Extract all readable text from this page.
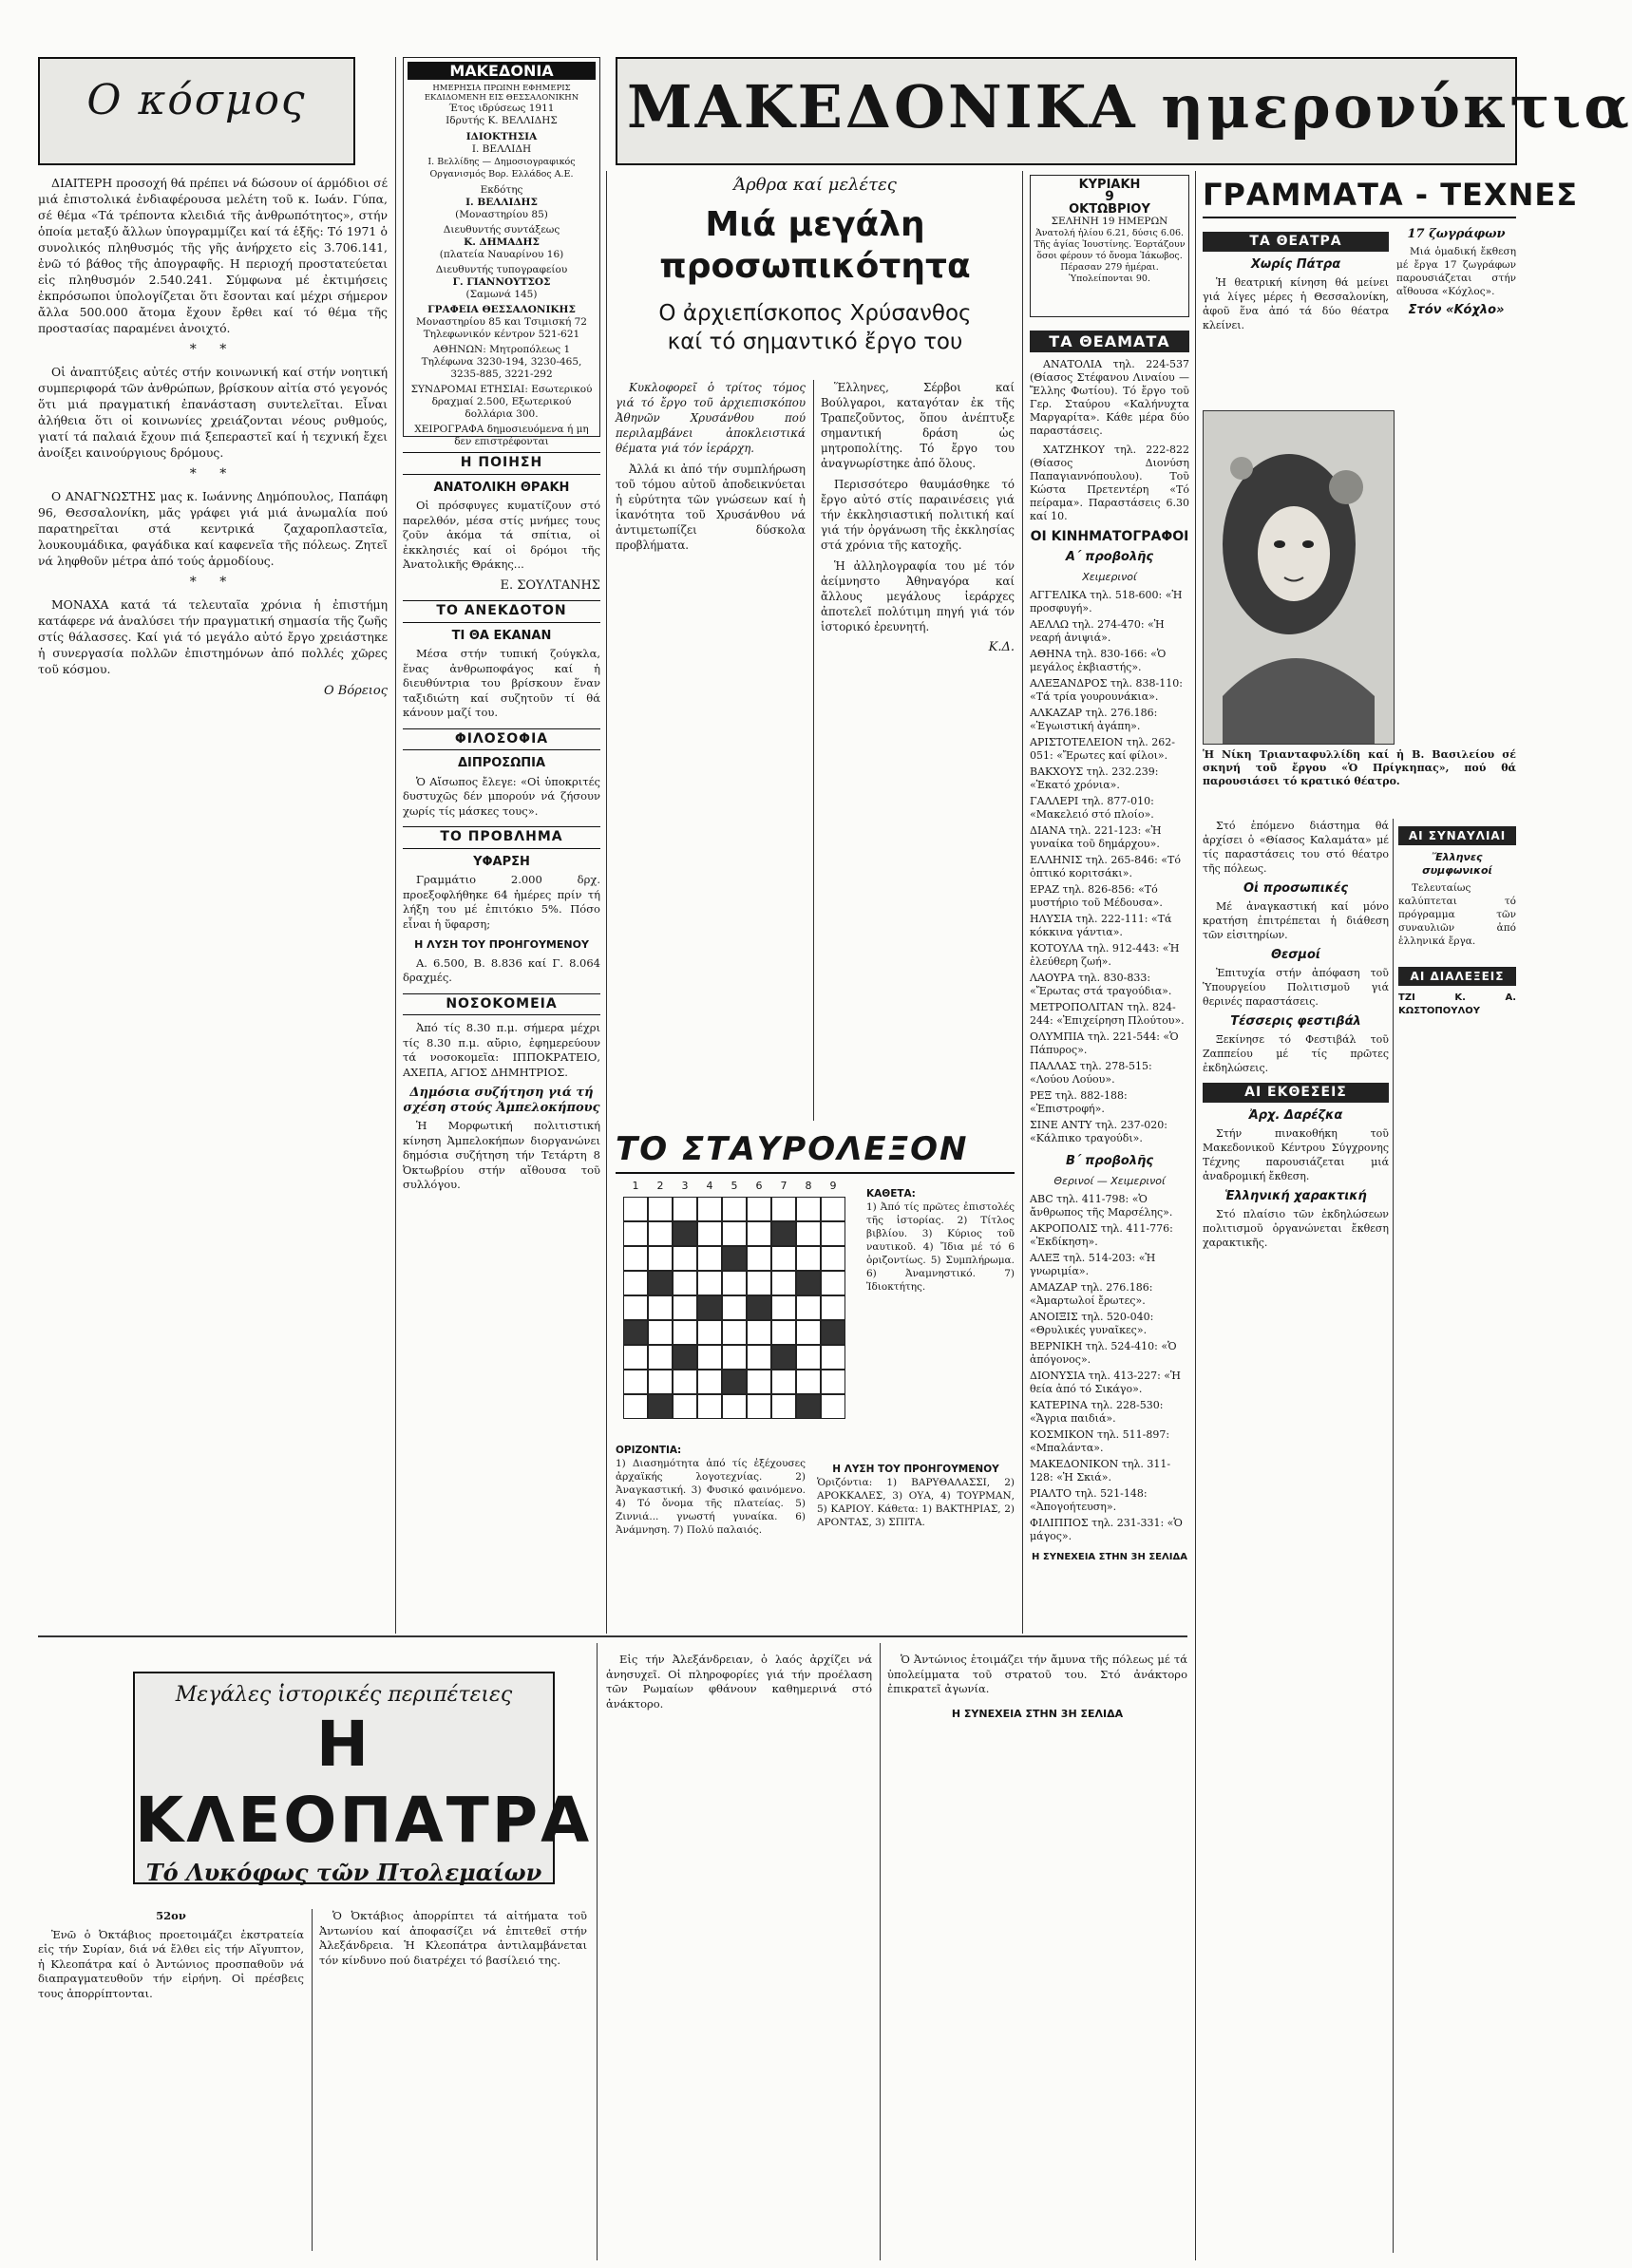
Ο κόσμος
ΜΑΚΕΔΟΝΙΑ
ΗΜΕΡΗΣΙΑ ΠΡΩΙΝΗ ΕΦΗΜΕΡΙΣ ΕΚΔΙΔΟΜΕΝΗ ΕΙΣ ΘΕΣΣΑΛΟΝΙΚΗΝ
Έτος ιδρύσεως 1911
Ιδρυτής Κ. ΒΕΛΛΙΔΗΣ
ΙΔΙΟΚΤΗΣΙΑ
Ι. ΒΕΛΛΙΔΗ
Ι. Βελλίδης — Δημοσιογραφικός Οργανισμός Βορ. Ελλάδος Α.Ε.
Εκδότης
Ι. ΒΕΛΛΙΔΗΣ
(Μοναστηρίου 85)
Διευθυντής συντάξεως
Κ. ΔΗΜΑΔΗΣ
(πλατεία Ναυαρίνου 16)
Διευθυντής τυπογραφείου
Γ. ΓΙΑΝΝΟΥΤΣΟΣ
(Σαμωνά 145)
ΓΡΑΦΕΙΑ ΘΕΣΣΑΛΟΝΙΚΗΣ
Μοναστηρίου 85 και Τσιμισκή 72 Τηλεφωνικόν κέντρον 521-621
ΑΘΗΝΩΝ: Μητροπόλεως 1 Τηλέφωνα 3230-194, 3230-465, 3235-885, 3221-292
ΣΥΝΔΡΟΜΑΙ ΕΤΗΣΙΑΙ: Εσωτερικού δραχμαί 2.500, Εξωτερικού δολλάρια 300.
ΧΕΙΡΟΓΡΑΦΑ δημοσιευόμενα ή μη δεν επιστρέφονται
ΜΑΚΕΔΟΝΙΚΑ ημερονύκτια

ΔΙΑΙΤΕΡΗ προσοχή θά πρέπει νά δώσουν οί άρμόδιοι σέ μιά ἐπιστολικά ἐνδιαφέρουσα μελέτη τοῦ κ. Ιωάν. Γύπα, σέ θέμα «Τά τρέποντα κλειδιά τῆς ἀνθρωπότητος», στήν ὁποία μεταξύ ἄλλων ὑπογραμμίζει καί τά ἑξῆς: Τό 1971 ὁ συνολικός πληθυσμός τῆς γῆς ἀνήρχετο εἰς 3.706.141, ἐνῶ τό βάθος τῆς ἀπογραφῆς. Η περιοχή προστατεύεται εἰς πληθυσμόν 2.540.241. Σύμφωνα μέ ἐκτιμήσεις ἐκπρόσωποι ὑπολογίζεται ὅτι ἔσονται καί μέχρι σήμερον ἄλλα 500.000 ἄτομα ἔχουν ἔρθει καί τό θέμα τῆς προστασίας παραμένει ἀνοιχτό.

* *

Οἱ ἀναπτύξεις αὐτές στήν κοινωνική καί στήν νοητική συμπεριφορά τῶν ἀνθρώπων, βρίσκουν αἰτία στό γεγονός ὅτι μιά πραγματική ἐπανάσταση συντελεῖται. Εἶναι ἀλήθεια ὅτι οἱ κοινωνίες χρειάζονται νέους ρυθμούς, γιατί τά παλαιά ἔχουν πιά ξεπεραστεῖ καί ἡ τεχνική ἔχει ἀνοίξει καινούργιους δρόμους.

* *

Ο ΑΝΑΓΝΩΣΤΗΣ μας κ. Ιωάννης Δημόπουλος, Παπάφη 96, Θεσσαλονίκη, μᾶς γράφει γιά μιά ἀνωμαλία πού παρατηρεῖται στά κεντρικά ζαχαροπλαστεῖα, λουκουμάδικα, φαγάδικα καί καφενεῖα τῆς πόλεως. Ζητεῖ νά ληφθοῦν μέτρα ἀπό τούς ἁρμοδίους.

* *

ΜΟΝΑΧΑ κατά τά τελευταῖα χρόνια ἡ ἐπιστήμη κατάφερε νά ἀναλύσει τήν πραγματική σημασία τῆς ζωῆς στίς θάλασσες. Καί γιά τό μεγάλο αὐτό ἔργο χρειάστηκε ἡ συνεργασία πολλῶν ἐπιστημόνων ἀπό πολλές χῶρες τοῦ κόσμου.

Ο Βόρειος
Η ΠΟΙΗΣΗ
ΑΝΑΤΟΛΙΚΗ ΘΡΑΚΗ

Οἱ πρόσφυγες κυματίζουν στό παρελθόν, μέσα στίς μνήμες τους ζοῦν ἀκόμα τά σπίτια, οἱ ἐκκλησιές καί οἱ δρόμοι τῆς Ἀνατολικῆς Θράκης...

Ε. ΣΟΥΛΤΑΝΗΣ
ΤΟ ΑΝΕΚΔΟΤΟΝ
ΤΙ ΘΑ ΕΚΑΝΑΝ

Μέσα στήν τυπική ζούγκλα, ἕνας ἀνθρωποφάγος καί ἡ διευθύντρια του βρίσκουν ἕναν ταξιδιώτη καί συζητοῦν τί θά κάνουν μαζί του.

ΦΙΛΟΣΟΦΙΑ
ΔΙΠΡΟΣΩΠΙΑ

Ὁ Αἴσωπος ἔλεγε: «Οἱ ὑποκριτές δυστυχῶς δέν μπορούν νά ζήσουν χωρίς τίς μάσκες τους».

ΤΟ ΠΡΟΒΛΗΜΑ
ΥΦΑΡΣΗ

Γραμμάτιο 2.000 δρχ. προεξοφλήθηκε 64 ἡμέρες πρίν τή λήξη του μέ ἐπιτόκιο 5%. Πόσο εἶναι ἡ ὕφαρση;

Η ΛΥΣΗ ΤΟΥ ΠΡΟΗΓΟΥΜΕΝΟΥ

Α. 6.500, Β. 8.836 καί Γ. 8.064 δραχμές.

ΝΟΣΟΚΟΜΕΙΑ

Ἀπό τίς 8.30 π.μ. σήμερα μέχρι τίς 8.30 π.μ. αὔριο, ἐφημερεύουν τά νοσοκομεῖα: ΙΠΠΟΚΡΑΤΕΙΟ, ΑΧΕΠΑ, ΑΓΙΟΣ ΔΗΜΗΤΡΙΟΣ.

Δημόσια συζήτηση γιά τή σχέση στούς Ἀμπελοκήπους

Ἡ Μορφωτική πολιτιστική κίνηση Ἀμπελοκήπων διοργανώνει δημόσια συζήτηση τήν Τετάρτη 8 Ὀκτωβρίου στήν αἴθουσα τοῦ συλλόγου.

Άρθρα καί μελέτες
Μιά μεγάλη προσωπικότητα
Ο ἀρχιεπίσκοπος Χρύσανθος
καί τό σημαντικό ἔργο του

Κυκλοφορεῖ ὁ τρίτος τόμος γιά τό ἔργο τοῦ ἀρχιεπισκόπου Ἀθηνῶν Χρυσάνθου πού περιλαμβάνει ἀποκλειστικά θέματα γιά τόν ἱεράρχη.

Ἀλλά κι ἀπό τήν συμπλήρωση τοῦ τόμου αὐτοῦ ἀποδεικνύεται ἡ εὐρύτητα τῶν γνώσεων καί ἡ ἱκανότητα τοῦ Χρυσάνθου νά ἀντιμετωπίζει δύσκολα προβλήματα.

Ἕλληνες, Σέρβοι καί Βούλγαροι, καταγόταν ἐκ τῆς Τραπεζοῦντος, ὅπου ἀνέπτυξε σημαντική δράση ὡς μητροπολίτης. Τό ἔργο του ἀναγνωρίστηκε ἀπό ὅλους.

Περισσότερο θαυμάσθηκε τό ἔργο αὐτό στίς παραινέσεις γιά τήν ἐκκλησιαστική πολιτική καί γιά τήν ὀργάνωση τῆς ἐκκλησίας στά χρόνια τῆς κατοχῆς.

Ἡ ἀλληλογραφία του μέ τόν ἀείμνηστο Ἀθηναγόρα καί ἄλλους μεγάλους ἱεράρχες ἀποτελεῖ πολύτιμη πηγή γιά τόν ἱστορικό ἐρευνητή.

Κ.Δ.
ΤΟ ΣΤΑΥΡΟΛΕΞΟΝ
1	2	3	4	5	6	7	8	9
ΚΑΘΕΤΑ:

1) Ἀπό τίς πρῶτες ἐπιστολές τῆς ἱστορίας. 2) Τίτλος βιβλίου. 3) Κύριος τοῦ ναυτικοῦ. 4) Ἴδια μέ τό 6 ὁριζοντίως. 5) Συμπλήρωμα. 6) Ἀναμνηστικό. 7) Ἰδιοκτήτης.

ΟΡΙΖΟΝΤΙΑ:

1) Διασημότητα ἀπό τίς ἐξέχουσες ἀρχαϊκής λογοτεχνίας. 2) Ἀναγκαστική. 3) Φυσικό φαινόμενο. 4) Τό ὄνομα τῆς πλατείας. 5) Ζιννιά... γνωστή γυναίκα. 6) Ἀνάμνηση. 7) Πολύ παλαιός.

Η ΛΥΣΗ ΤΟΥ ΠΡΟΗΓΟΥΜΕΝΟΥ

Ὁριζόντια: 1) ΒΑΡΥΘΑΛΑΣΣΙ, 2) ΑΡΟΚΚΑΛΕΣ, 3) ΟΥΑ, 4) ΤΟΥΡΜΑΝ, 5) ΚΑΡΙΟΥ. Κάθετα: 1) ΒΑΚΤΗΡΙΑΣ, 2) ΑΡΟΝΤΑΣ, 3) ΣΠΙΤΑ.

ΚΥΡΙΑΚΗ
9
ΟΚΤΩΒΡΙΟΥ
ΣΕΛΗΝΗ 19 ΗΜΕΡΩΝ
Ἀνατολή ἡλίου 6.21, δύσις 6.06. Τῆς ἁγίας Ἰουστίνης. Ἑορτάζουν ὅσοι φέρουν τό ὄνομα Ἰάκωβος. Πέρασαν 279 ἡμέραι. Ὑπολείπονται 90.
ΤΑ ΘΕΑΜΑΤΑ

ΑΝΑΤΟΛΙΑ τηλ. 224-537 (Θίασος Στέφανου Λιναίου — Ἔλλης Φωτίου). Τό ἔργο τοῦ Γερ. Σταύρου «Καλήνυχτα Μαργαρίτα». Κάθε μέρα δύο παραστάσεις.

ΧΑΤΖΗΚΟΥ τηλ. 222-822 (Θίασος Διονύση Παπαγιαννόπουλου). Τοῦ Κώστα Πρετεντέρη «Τό πείραμα». Παραστάσεις 6.30 καί 10.

ΟΙ ΚΙΝΗΜΑΤΟΓΡΑΦΟΙ
Α΄ προβολῆς
Χειμερινοί
ΑΓΓΕΛΙΚΑ τηλ. 518-600: «Ἡ προσφυγή».
ΑΕΛΛΩ τηλ. 274-470: «Ἡ νεαρή ἀνιψιά».
ΑΘΗΝΑ τηλ. 830-166: «Ὁ μεγάλος ἐκβιαστής».
ΑΛΕΞΑΝΔΡΟΣ τηλ. 838-110: «Τά τρία γουρουνάκια».
ΑΛΚΑΖΑΡ τηλ. 276.186: «Ἐγωιστική ἀγάπη».
ΑΡΙΣΤΟΤΕΛΕΙΟΝ τηλ. 262-051: «Ἔρωτες καί φίλοι».
ΒΑΚΧΟΥΣ τηλ. 232.239: «Ἑκατό χρόνια».
ΓΑΛΛΕΡΙ τηλ. 877-010: «Μακελειό στό πλοίο».
ΔΙΑΝΑ τηλ. 221-123: «Ἡ γυναίκα τοῦ δημάρχου».
ΕΛΛΗΝΙΣ τηλ. 265-846: «Τό ὁπτικό κοριτσάκι».
ΕΡΑΖ τηλ. 826-856: «Τό μυστήριο τοῦ Μέδουσα».
ΗΛΥΣΙΑ τηλ. 222-111: «Τά κόκκινα γάντια».
ΚΟΤΟΥΛΑ τηλ. 912-443: «Ἡ ἐλεύθερη ζωή».
ΛΑΟΥΡΑ τηλ. 830-833: «Ἔρωτας στά τραγούδια».
ΜΕΤΡΟΠΟΛΙΤΑΝ τηλ. 824-244: «Ἐπιχείρηση Πλούτου».
ΟΛΥΜΠΙΑ τηλ. 221-544: «Ὁ Πάπυρος».
ΠΑΛΛΑΣ τηλ. 278-515: «Λούου Λούου».
ΡΕΞ τηλ. 882-188: «Ἐπιστροφή».
ΣΙΝΕ ΑΝΤΥ τηλ. 237-020: «Κάλπικο τραγούδι».
Β΄ προβολῆς
Θερινοί — Χειμερινοί
ABC τηλ. 411-798: «Ὁ ἄνθρωπος τῆς Μαρσέλης».
ΑΚΡΟΠΟΛΙΣ τηλ. 411-776: «Ἐκδίκηση».
ΑΛΕΞ τηλ. 514-203: «Ἡ γνωριμία».
ΑΜΑΖΑΡ τηλ. 276.186: «Ἀμαρτωλοί ἔρωτες».
ΑΝΟΙΞΙΣ τηλ. 520-040: «Θρυλικές γυναῖκες».
ΒΕΡΝΙΚΗ τηλ. 524-410: «Ὁ ἀπόγονος».
ΔΙΟΝΥΣΙΑ τηλ. 413-227: «Ἡ θεία ἀπό τό Σικάγο».
ΚΑΤΕΡΙΝΑ τηλ. 228-530: «Ἄγρια παιδιά».
ΚΟΣΜΙΚΟΝ τηλ. 511-897: «Μπαλάντα».
ΜΑΚΕΔΟΝΙΚΟΝ τηλ. 311-128: «Ἡ Σκιά».
ΡΙΑΛΤΟ τηλ. 521-148: «Ἀπογοήτευση».
ΦΙΛΙΠΠΟΣ τηλ. 231-331: «Ὁ μάγος».
Η ΣΥΝΕΧΕΙΑ ΣΤΗΝ 3Η ΣΕΛΙΔΑ
ΓΡΑΜΜΑΤΑ - ΤΕΧΝΕΣ
ΤΑ ΘΕΑΤΡΑ
Χωρίς Πάτρα

Ἡ θεατρική κίνηση θά μείνει γιά λίγες μέρες ἡ Θεσσαλονίκη, ἀφοῦ ἕνα ἀπό τά δύο θέατρα κλείνει.

17 ζωγράφων

Μιά ὁμαδική ἔκθεση μέ ἔργα 17 ζωγράφων παρουσιάζεται στήν αἴθουσα «Κόχλος».

Στόν «Κόχλο»

Ἡ Νίκη Τριανταφυλλίδη καί ἡ Β. Βασιλείου σέ σκηνή τοῦ ἔργου «Ὁ Πρίγκηπας», πού θά παρουσιάσει τό κρατικό θέατρο.

Στό ἐπόμενο διάστημα θά ἀρχίσει ὁ «Θίασος Καλαμάτα» μέ τίς παραστάσεις του στό θέατρο τῆς πόλεως.

Οἱ προσωπικές

Μέ ἀναγκαστική καί μόνο κρατήση ἐπιτρέπεται ἡ διάθεση τῶν εἰσιτηρίων.

Θεσμοί

Ἐπιτυχία στήν ἀπόφαση τοῦ Ὑπουργείου Πολιτισμοῦ γιά θερινές παραστάσεις.

Τέσσερις φεστιβάλ

Ξεκίνησε τό Φεστιβάλ τοῦ Ζαππείου μέ τίς πρῶτες ἐκδηλώσεις.

ΑΙ ΕΚΘΕΣΕΙΣ
Ἀρχ. Δαρέζκα

Στήν πινακοθήκη τοῦ Μακεδονικοῦ Κέντρου Σύγχρονης Τέχνης παρουσιάζεται μιά ἀναδρομική ἔκθεση.

Ἑλληνική χαρακτική

Στό πλαίσιο τῶν ἐκδηλώσεων πολιτισμοῦ ὀργανώνεται ἔκθεση χαρακτικῆς.

ΑΙ ΣΥΝΑΥΛΙΑΙ
Ἔλληνες συμφωνικοί

Τελευταίως καλύπτεται τό πρόγραμμα τῶν συναυλιῶν ἀπό ἑλληνικά ἔργα.

ΑΙ ΔΙΑΛΕΞΕΙΣ
ΤΖΙ Κ. Α. ΚΩΣΤΟΠΟΥΛΟΥ
Μεγάλες ἱστορικές περιπέτειες
Η ΚΛΕΟΠΑΤΡΑ
Τό Λυκόφως τῶν Πτολεμαίων
52ον

Ἐνῶ ὁ Ὀκτάβιος προετοιμάζει ἐκστρατεία εἰς τήν Συρίαν, διά νά ἔλθει εἰς τήν Αἴγυπτον, ἡ Κλεοπάτρα καί ὁ Ἀντώνιος προσπαθοῦν νά διαπραγματευθοῦν τήν εἰρήνη. Οἱ πρέσβεις τους ἀπορρίπτονται.

Ὁ Ὀκτάβιος ἀπορρίπτει τά αἰτήματα τοῦ Ἀντωνίου καί ἀποφασίζει νά ἐπιτεθεῖ στήν Ἀλεξάνδρεια. Ἡ Κλεοπάτρα ἀντιλαμβάνεται τόν κίνδυνο πού διατρέχει τό βασίλειό της.

Εἰς τήν Ἀλεξάνδρειαν, ὁ λαός ἀρχίζει νά ἀνησυχεῖ. Οἱ πληροφορίες γιά τήν προέλαση τῶν Ρωμαίων φθάνουν καθημερινά στό ἀνάκτορο.

Ὁ Ἀντώνιος ἑτοιμάζει τήν ἄμυνα τῆς πόλεως μέ τά ὑπολείμματα τοῦ στρατοῦ του. Στό ἀνάκτορο ἐπικρατεῖ ἀγωνία.

Η ΣΥΝΕΧΕΙΑ ΣΤΗΝ 3Η ΣΕΛΙΔΑ
